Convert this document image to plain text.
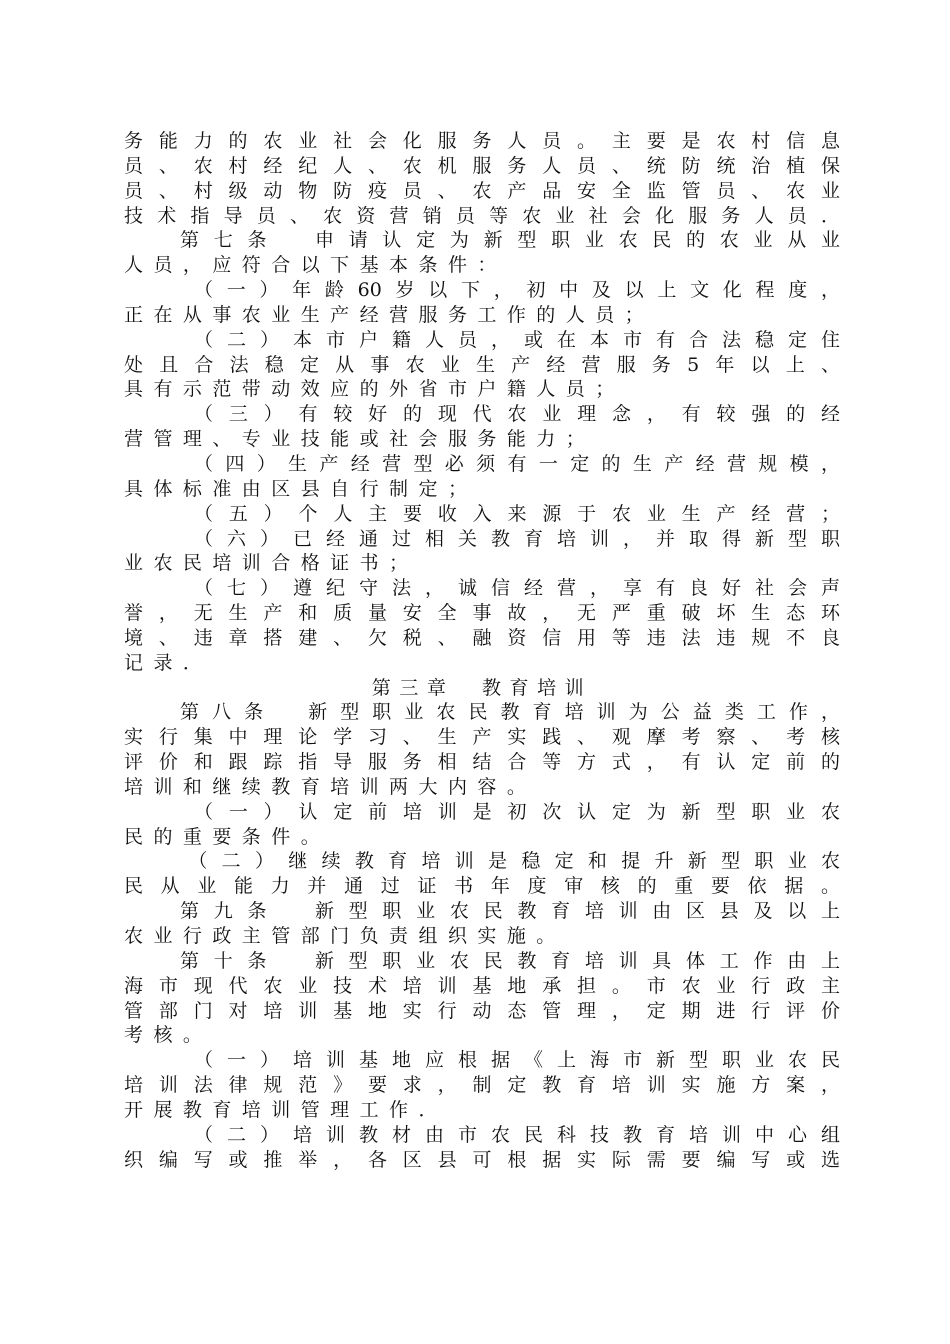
务能力的农业社会化服务人员。主要是农村信息
员、农村经纪人、农机服务人员、统防统治植保
员、村级动物防疫员、农产品安全监管员、农业
技术指导员、农资营销员等农业社会化服务人员．
第七条　申请认定为新型职业农民的农业从业
人员，应符合以下基本条件：
（一）年龄60岁以下，初中及以上文化程度，
正在从事农业生产经营服务工作的人员；
（二）本市户籍人员，或在本市有合法稳定住
处且合法稳定从事农业生产经营服务5年以上、
具有示范带动效应的外省市户籍人员；
（三）有较好的现代农业理念，有较强的经
营管理、专业技能或社会服务能力；
（四）生产经营型必须有一定的生产经营规模，
具体标准由区县自行制定；
（五）个人主要收入来源于农业生产经营；
（六）已经通过相关教育培训，并取得新型职
业农民培训合格证书；
（七）遵纪守法，诚信经营，享有良好社会声
誉，无生产和质量安全事故，无严重破坏生态环
境、违章搭建、欠税、融资信用等违法违规不良
记录．
第三章　教育培训
第八条　新型职业农民教育培训为公益类工作，
实行集中理论学习、生产实践、观摩考察、考核
评价和跟踪指导服务相结合等方式，有认定前的
培训和继续教育培训两大内容。
（一）认定前培训是初次认定为新型职业农
民的重要条件。
（二）继续教育培训是稳定和提升新型职业农
民从业能力并通过证书年度审核的重要依据。
第九条　新型职业农民教育培训由区县及以上
农业行政主管部门负责组织实施。
第十条　新型职业农民教育培训具体工作由上
海市现代农业技术培训基地承担。市农业行政主
管部门对培训基地实行动态管理，定期进行评价
考核。
（一）培训基地应根据《上海市新型职业农民
培训法律规范》要求，制定教育培训实施方案，
开展教育培训管理工作．
（二）培训教材由市农民科技教育培训中心组
织编写或推举，各区县可根据实际需要编写或选
